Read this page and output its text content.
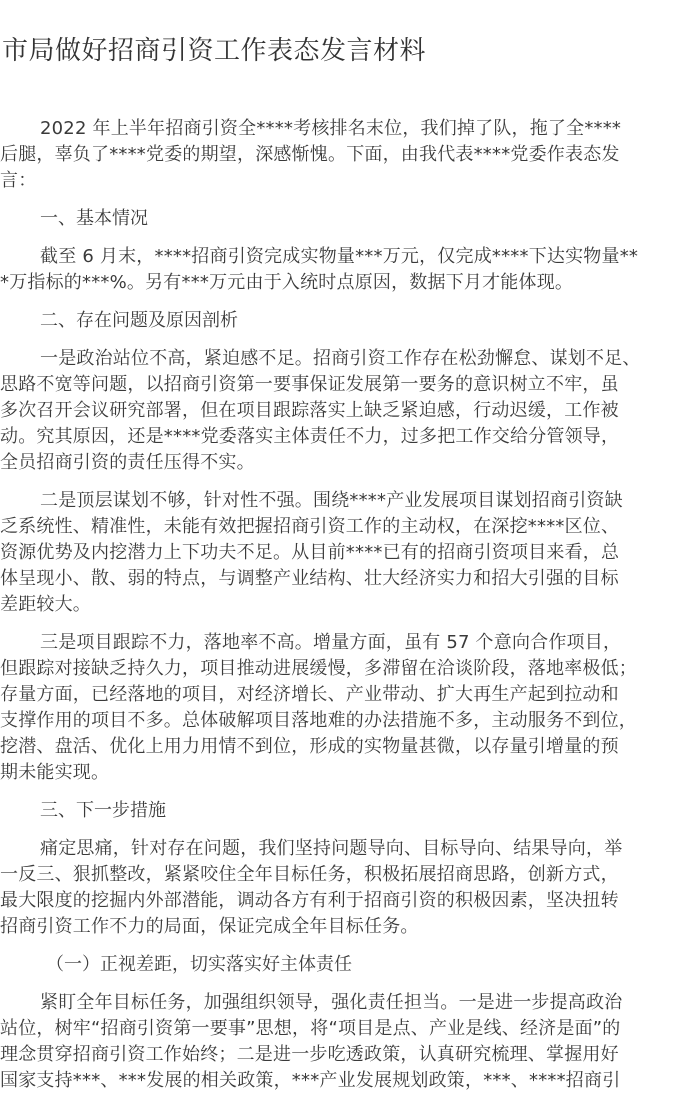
市局做好招商引资工作表态发言材料
2022 年上半年招商引资全****考核排名末位，我们掉了队，拖了全****
后腿，辜负了****党委的期望，深感惭愧。下面，由我代表****党委作表态发
言：
一、基本情况
截至 6 月末，****招商引资完成实物量***万元，仅完成****下达实物量**
*万指标的***%。另有***万元由于入统时点原因，数据下月才能体现。
二、存在问题及原因剖析
一是政治站位不高，紧迫感不足。招商引资工作存在松劲懈怠、谋划不足、
思路不宽等问题，以招商引资第一要事保证发展第一要务的意识树立不牢，虽
多次召开会议研究部署，但在项目跟踪落实上缺乏紧迫感，行动迟缓，工作被
动。究其原因，还是****党委落实主体责任不力，过多把工作交给分管领导，
全员招商引资的责任压得不实。
二是顶层谋划不够，针对性不强。围绕****产业发展项目谋划招商引资缺
乏系统性、精准性，未能有效把握招商引资工作的主动权，在深挖****区位、
资源优势及内挖潜力上下功夫不足。从目前****已有的招商引资项目来看，总
体呈现小、散、弱的特点，与调整产业结构、壮大经济实力和招大引强的目标
差距较大。
三是项目跟踪不力，落地率不高。增量方面，虽有 57 个意向合作项目，
但跟踪对接缺乏持久力，项目推动进展缓慢，多滞留在洽谈阶段，落地率极低；
存量方面，已经落地的项目，对经济增长、产业带动、扩大再生产起到拉动和
支撑作用的项目不多。总体破解项目落地难的办法措施不多，主动服务不到位，
挖潜、盘活、优化上用力用情不到位，形成的实物量甚微，以存量引增量的预
期未能实现。
三、下一步措施
痛定思痛，针对存在问题，我们坚持问题导向、目标导向、结果导向，举
一反三、狠抓整改，紧紧咬住全年目标任务，积极拓展招商思路，创新方式，
最大限度的挖掘内外部潜能，调动各方有利于招商引资的积极因素，坚决扭转
招商引资工作不力的局面，保证完成全年目标任务。
（一）正视差距，切实落实好主体责任
紧盯全年目标任务，加强组织领导，强化责任担当。一是进一步提高政治
站位，树牢“招商引资第一要事”思想，将“项目是点、产业是线、经济是面”的
理念贯穿招商引资工作始终；二是进一步吃透政策，认真研究梳理、掌握用好
国家支持***、***发展的相关政策，***产业发展规划政策，***、****招商引
